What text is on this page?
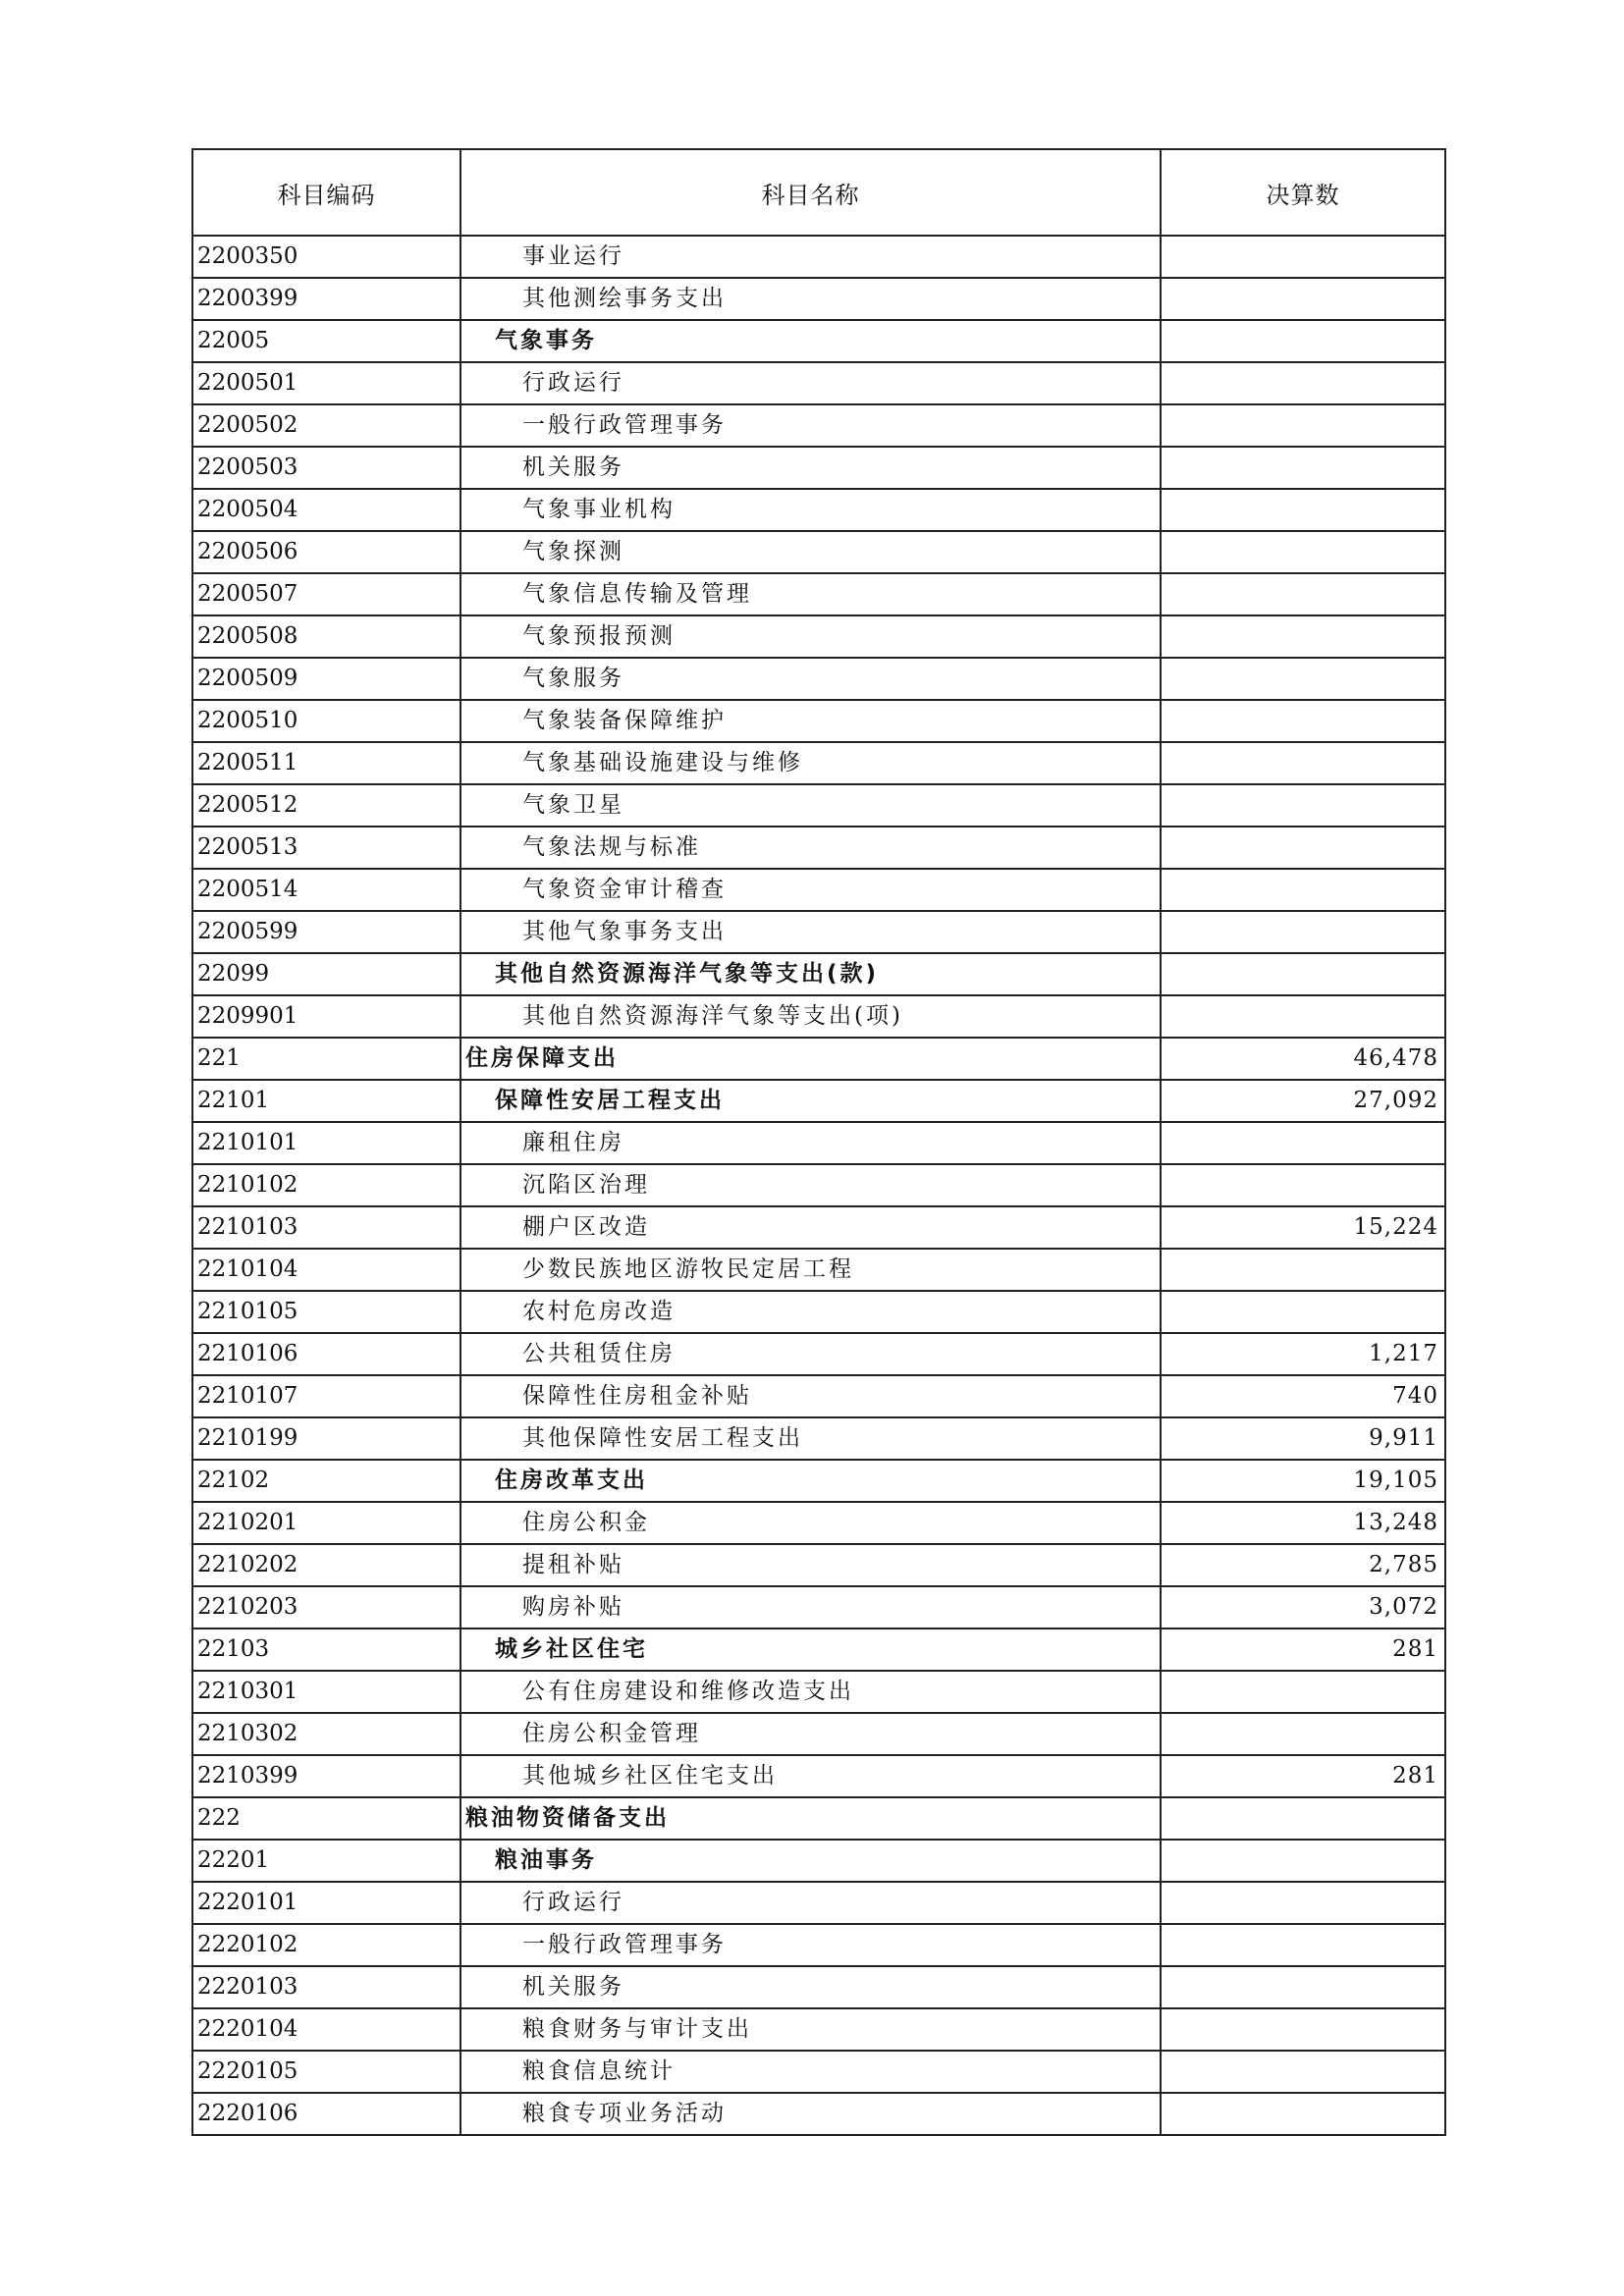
科目编码	科目名称	决算数
2200350	事业运行	
2200399	其他测绘事务支出	
22005	气象事务	
2200501	行政运行	
2200502	一般行政管理事务	
2200503	机关服务	
2200504	气象事业机构	
2200506	气象探测	
2200507	气象信息传输及管理	
2200508	气象预报预测	
2200509	气象服务	
2200510	气象装备保障维护	
2200511	气象基础设施建设与维修	
2200512	气象卫星	
2200513	气象法规与标准	
2200514	气象资金审计稽查	
2200599	其他气象事务支出	
22099	其他自然资源海洋气象等支出(款)	
2209901	其他自然资源海洋气象等支出(项)	
221	住房保障支出	46,478
22101	保障性安居工程支出	27,092
2210101	廉租住房	
2210102	沉陷区治理	
2210103	棚户区改造	15,224
2210104	少数民族地区游牧民定居工程	
2210105	农村危房改造	
2210106	公共租赁住房	1,217
2210107	保障性住房租金补贴	740
2210199	其他保障性安居工程支出	9,911
22102	住房改革支出	19,105
2210201	住房公积金	13,248
2210202	提租补贴	2,785
2210203	购房补贴	3,072
22103	城乡社区住宅	281
2210301	公有住房建设和维修改造支出	
2210302	住房公积金管理	
2210399	其他城乡社区住宅支出	281
222	粮油物资储备支出	
22201	粮油事务	
2220101	行政运行	
2220102	一般行政管理事务	
2220103	机关服务	
2220104	粮食财务与审计支出	
2220105	粮食信息统计	
2220106	粮食专项业务活动	
